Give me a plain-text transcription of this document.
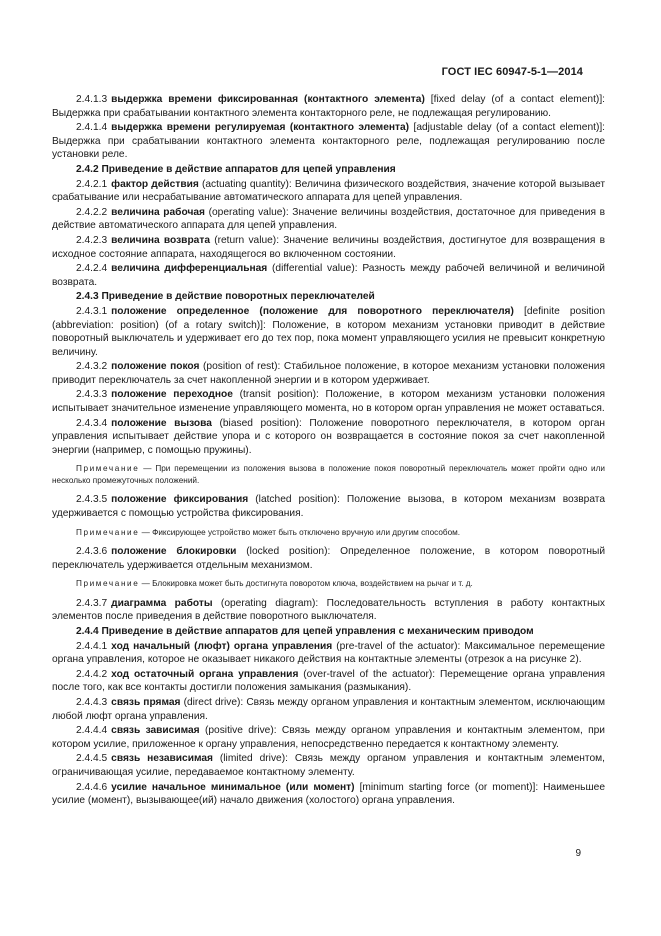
ГОСТ IEC 60947-5-1—2014
2.4.1.3 выдержка времени фиксированная (контактного элемента) [fixed delay (of a contact element)]: Выдержка при срабатывании контактного элемента контакторного реле, не подлежащая регулированию.
2.4.1.4 выдержка времени регулируемая (контактного элемента) [adjustable delay (of a contact element)]: Выдержка при срабатывании контактного элемента контакторного реле, подлежащая регулированию после установки реле.
2.4.2 Приведение в действие аппаратов для цепей управления
2.4.2.1 фактор действия (actuating quantity): Величина физического воздействия, значение которой вызывает срабатывание или несрабатывание автоматического аппарата для цепей управления.
2.4.2.2 величина рабочая (operating value): Значение величины воздействия, достаточное для приведения в действие автоматического аппарата для цепей управления.
2.4.2.3 величина возврата (return value): Значение величины воздействия, достигнутое для возвращения в исходное состояние аппарата, находящегося во включенном состоянии.
2.4.2.4 величина дифференциальная (differential value): Разность между рабочей величиной и величиной возврата.
2.4.3 Приведение в действие поворотных переключателей
2.4.3.1 положение определенное (положение для поворотного переключателя) [definite position (abbreviation: position) (of a rotary switch)]: Положение, в котором механизм установки приводит в действие поворотный выключатель и удерживает его до тех пор, пока момент управляющего усилия не превысит конкретную величину.
2.4.3.2 положение покоя (position of rest): Стабильное положение, в которое механизм установки положения приводит переключатель за счет накопленной энергии и в котором удерживает.
2.4.3.3 положение переходное (transit position): Положение, в котором механизм установки положения испытывает значительное изменение управляющего момента, но в котором орган управления не может оставаться.
2.4.3.4 положение вызова (biased position): Положение поворотного переключателя, в котором орган управления испытывает действие упора и с которого он возвращается в состояние покоя за счет накопленной энергии (например, с помощью пружины).
Примечание — При перемещении из положения вызова в положение покоя поворотный переключатель может пройти одно или несколько промежуточных положений.
2.4.3.5 положение фиксирования (latched position): Положение вызова, в котором механизм возврата удерживается с помощью устройства фиксирования.
Примечание — Фиксирующее устройство может быть отключено вручную или другим способом.
2.4.3.6 положение блокировки (locked position): Определенное положение, в котором поворотный переключатель удерживается отдельным механизмом.
Примечание — Блокировка может быть достигнута поворотом ключа, воздействием на рычаг и т. д.
2.4.3.7 диаграмма работы (operating diagram): Последовательность вступления в работу контактных элементов после приведения в действие поворотного выключателя.
2.4.4 Приведение в действие аппаратов для цепей управления с механическим приводом
2.4.4.1 ход начальный (люфт) органа управления (pre-travel of the actuator): Максимальное перемещение органа управления, которое не оказывает никакого действия на контактные элементы (отрезок a на рисунке 2).
2.4.4.2 ход остаточный органа управления (over-travel of the actuator): Перемещение органа управления после того, как все контакты достигли положения замыкания (размыкания).
2.4.4.3 связь прямая (direct drive): Связь между органом управления и контактным элементом, исключающим любой люфт органа управления.
2.4.4.4 связь зависимая (positive drive): Связь между органом управления и контактным элементом, при котором усилие, приложенное к органу управления, непосредственно передается к контактному элементу.
2.4.4.5 связь независимая (limited drive): Связь между органом управления и контактным элементом, ограничивающая усилие, передаваемое контактному элементу.
2.4.4.6 усилие начальное минимальное (или момент) [minimum starting force (or moment)]: Наименьшее усилие (момент), вызывающее(ий) начало движения (холостого) органа управления.
9
